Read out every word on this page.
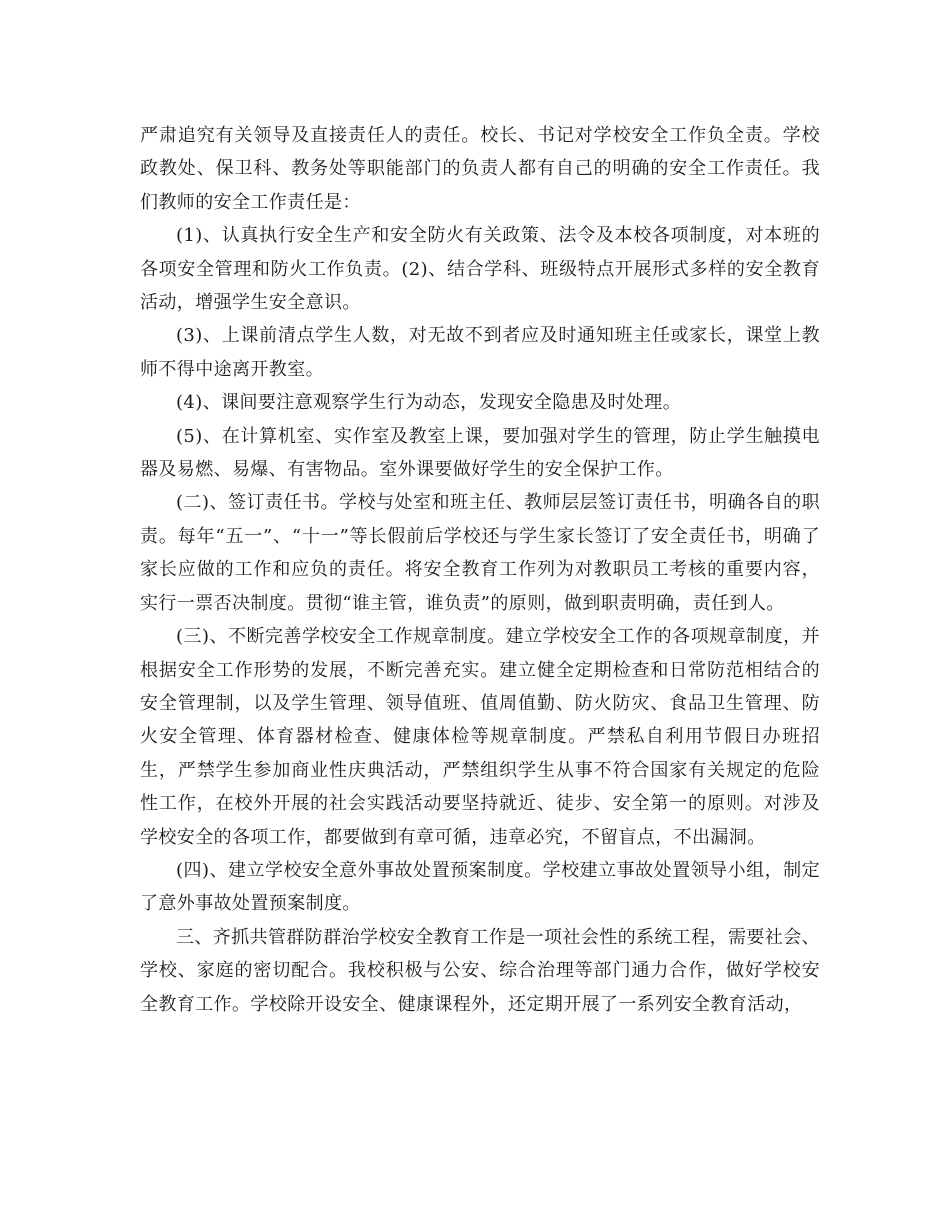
严肃追究有关领导及直接责任人的责任。校长、书记对学校安全工作负全责。学校政教处、保卫科、教务处等职能部门的负责人都有自己的明确的安全工作责任。我们教师的安全工作责任是：

(1)、认真执行安全生产和安全防火有关政策、法令及本校各项制度，对本班的各项安全管理和防火工作负责。(2)、结合学科、班级特点开展形式多样的安全教育活动，增强学生安全意识。

(3)、上课前清点学生人数，对无故不到者应及时通知班主任或家长，课堂上教师不得中途离开教室。

(4)、课间要注意观察学生行为动态，发现安全隐患及时处理。

(5)、在计算机室、实作室及教室上课，要加强对学生的管理，防止学生触摸电器及易燃、易爆、有害物品。室外课要做好学生的安全保护工作。

(二)、签订责任书。学校与处室和班主任、教师层层签订责任书，明确各自的职责。每年“五一”、“十一”等长假前后学校还与学生家长签订了安全责任书，明确了家长应做的工作和应负的责任。将安全教育工作列为对教职员工考核的重要内容，实行一票否决制度。贯彻“谁主管，谁负责”的原则，做到职责明确，责任到人。

(三)、不断完善学校安全工作规章制度。建立学校安全工作的各项规章制度，并根据安全工作形势的发展，不断完善充实。建立健全定期检查和日常防范相结合的安全管理制，以及学生管理、领导值班、值周值勤、防火防灾、食品卫生管理、防火安全管理、体育器材检查、健康体检等规章制度。严禁私自利用节假日办班招生，严禁学生参加商业性庆典活动，严禁组织学生从事不符合国家有关规定的危险性工作，在校外开展的社会实践活动要坚持就近、徒步、安全第一的原则。对涉及学校安全的各项工作，都要做到有章可循，违章必究，不留盲点，不出漏洞。

(四)、建立学校安全意外事故处置预案制度。学校建立事故处置领导小组，制定了意外事故处置预案制度。

三、齐抓共管群防群治学校安全教育工作是一项社会性的系统工程，需要社会、学校、家庭的密切配合。我校积极与公安、综合治理等部门通力合作，做好学校安全教育工作。学校除开设安全、健康课程外，还定期开展了一系列安全教育活动，
